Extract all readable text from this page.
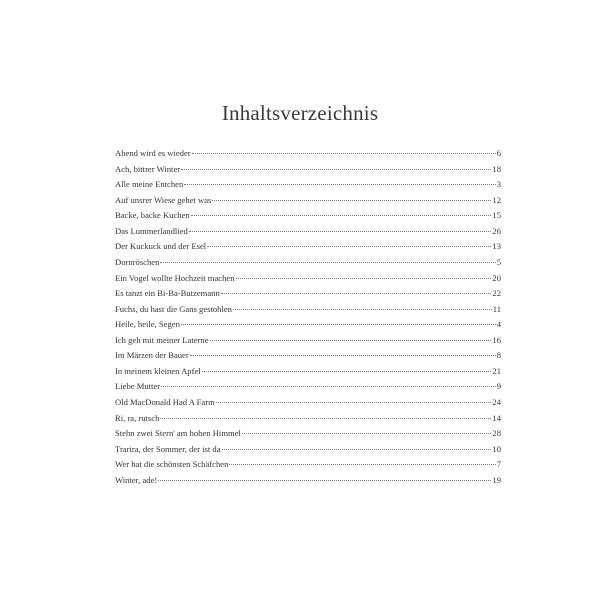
Inhaltsverzeichnis
Abend wird es wieder	6
Ach, bittrer Winter	18
Alle meine Entchen	3
Auf unsrer Wiese gehet was	12
Backe, backe Kuchen	15
Das Lummerlandlied	26
Der Kuckuck und der Esel	13
Dornröschen	5
Ein Vogel wollte Hochzeit machen	20
Es tanzt ein Bi-Ba-Butzemann	22
Fuchs, du hast die Gans gestohlen	11
Heile, heile, Segen	4
Ich geh mit meiner Laterne	16
Im Märzen der Bauer	8
In meinem kleinen Apfel	21
Liebe Mutter	9
Old MacDonald Had A Farm	24
Ri, ra, rutsch	14
Stehn zwei Stern' am hohen Himmel	28
Trarira, der Sommer, der ist da	10
Wer hat die schönsten Schäfchen	7
Winter, ade!	19
